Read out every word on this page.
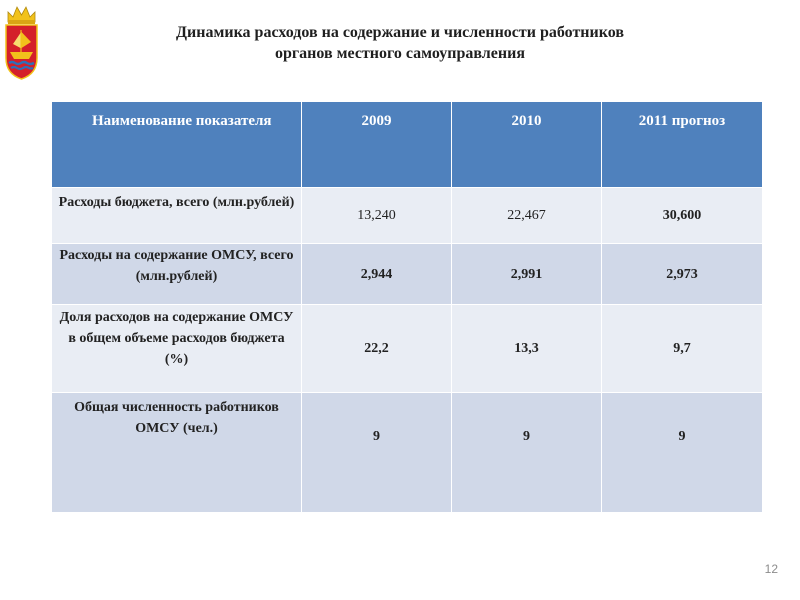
Динамика расходов на содержание и численности работников
органов местного самоуправления
Наименование показателя	2009	2010	2011 прогноз
Расходы бюджета, всего (млн.рублей)	13,240	22,467	30,600
Расходы на содержание ОМСУ, всего (млн.рублей)	2,944	2,991	2,973
Доля расходов на содержание ОМСУ в общем объеме расходов бюджета (%)	22,2	13,3	9,7
Общая численность работников ОМСУ (чел.)	9	9	9
12
